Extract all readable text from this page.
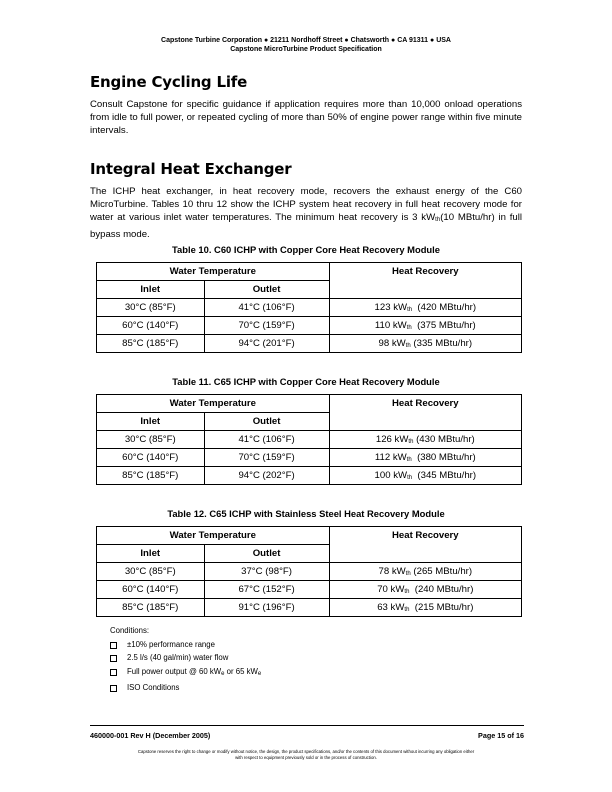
Capstone Turbine Corporation ● 21211 Nordhoff Street ● Chatsworth ● CA 91311 ● USA
Capstone MicroTurbine Product Specification
Engine Cycling Life
Consult Capstone for specific guidance if application requires more than 10,000 onload operations from idle to full power, or repeated cycling of more than 50% of engine power range within five minute intervals.
Integral Heat Exchanger
The ICHP heat exchanger, in heat recovery mode, recovers the exhaust energy of the C60 MicroTurbine. Tables 10 thru 12 show the ICHP system heat recovery in full heat recovery mode for water at various inlet water temperatures. The minimum heat recovery is 3 $kW_{th}(10$ MBtu/hr) in full bypass mode.
Table 10. C60 ICHP with Copper Core Heat Recovery Module
Water Temperature		Heat Recovery
Inlet	Outlet	
30°C (85°F)	41°C (106°F)	123 $kW_{th}$  (420 MBtu/hr)
60°C (140°F)	70°C (159°F)	110 $kW_{th}$  (375 MBtu/hr)
85°C (185°F)	94°C (201°F)	98 $kW_{th}$ (335 MBtu/hr)
Table 11. C65 ICHP with Copper Core Heat Recovery Module
Water Temperature		Heat Recovery
Inlet	Outlet	
30°C (85°F)	41°C (106°F)	126 $kW_{th}$ (430 MBtu/hr)
60°C (140°F)	70°C (159°F)	112 $kW_{th}$  (380 MBtu/hr)
85°C (185°F)	94°C (202°F)	100 $kW_{th}$  (345 MBtu/hr)
Table 12. C65 ICHP with Stainless Steel Heat Recovery Module
Water Temperature		Heat Recovery
Inlet	Outlet	
30°C (85°F)	37°C (98°F)	78 $kW_{th}$ (265 MBtu/hr)
60°C (140°F)	67°C (152°F)	70 $kW_{th}$  (240 MBtu/hr)
85°C (185°F)	91°C (196°F)	63 $kW_{th}$  (215 MBtu/hr)
Conditions:
±10% performance range
2.5 l/s (40 gal/min) water flow
Full power output @ 60 $kW_e$ or 65 $kW_e$
ISO Conditions
460000-001 Rev H (December 2005)	Page 15 of 16
Capstone reserves the right to change or modify without notice, the design, the product specifications, and/or the contents of this document without incurring any obligation either
with respect to equipment previously sold or in the process of construction.
